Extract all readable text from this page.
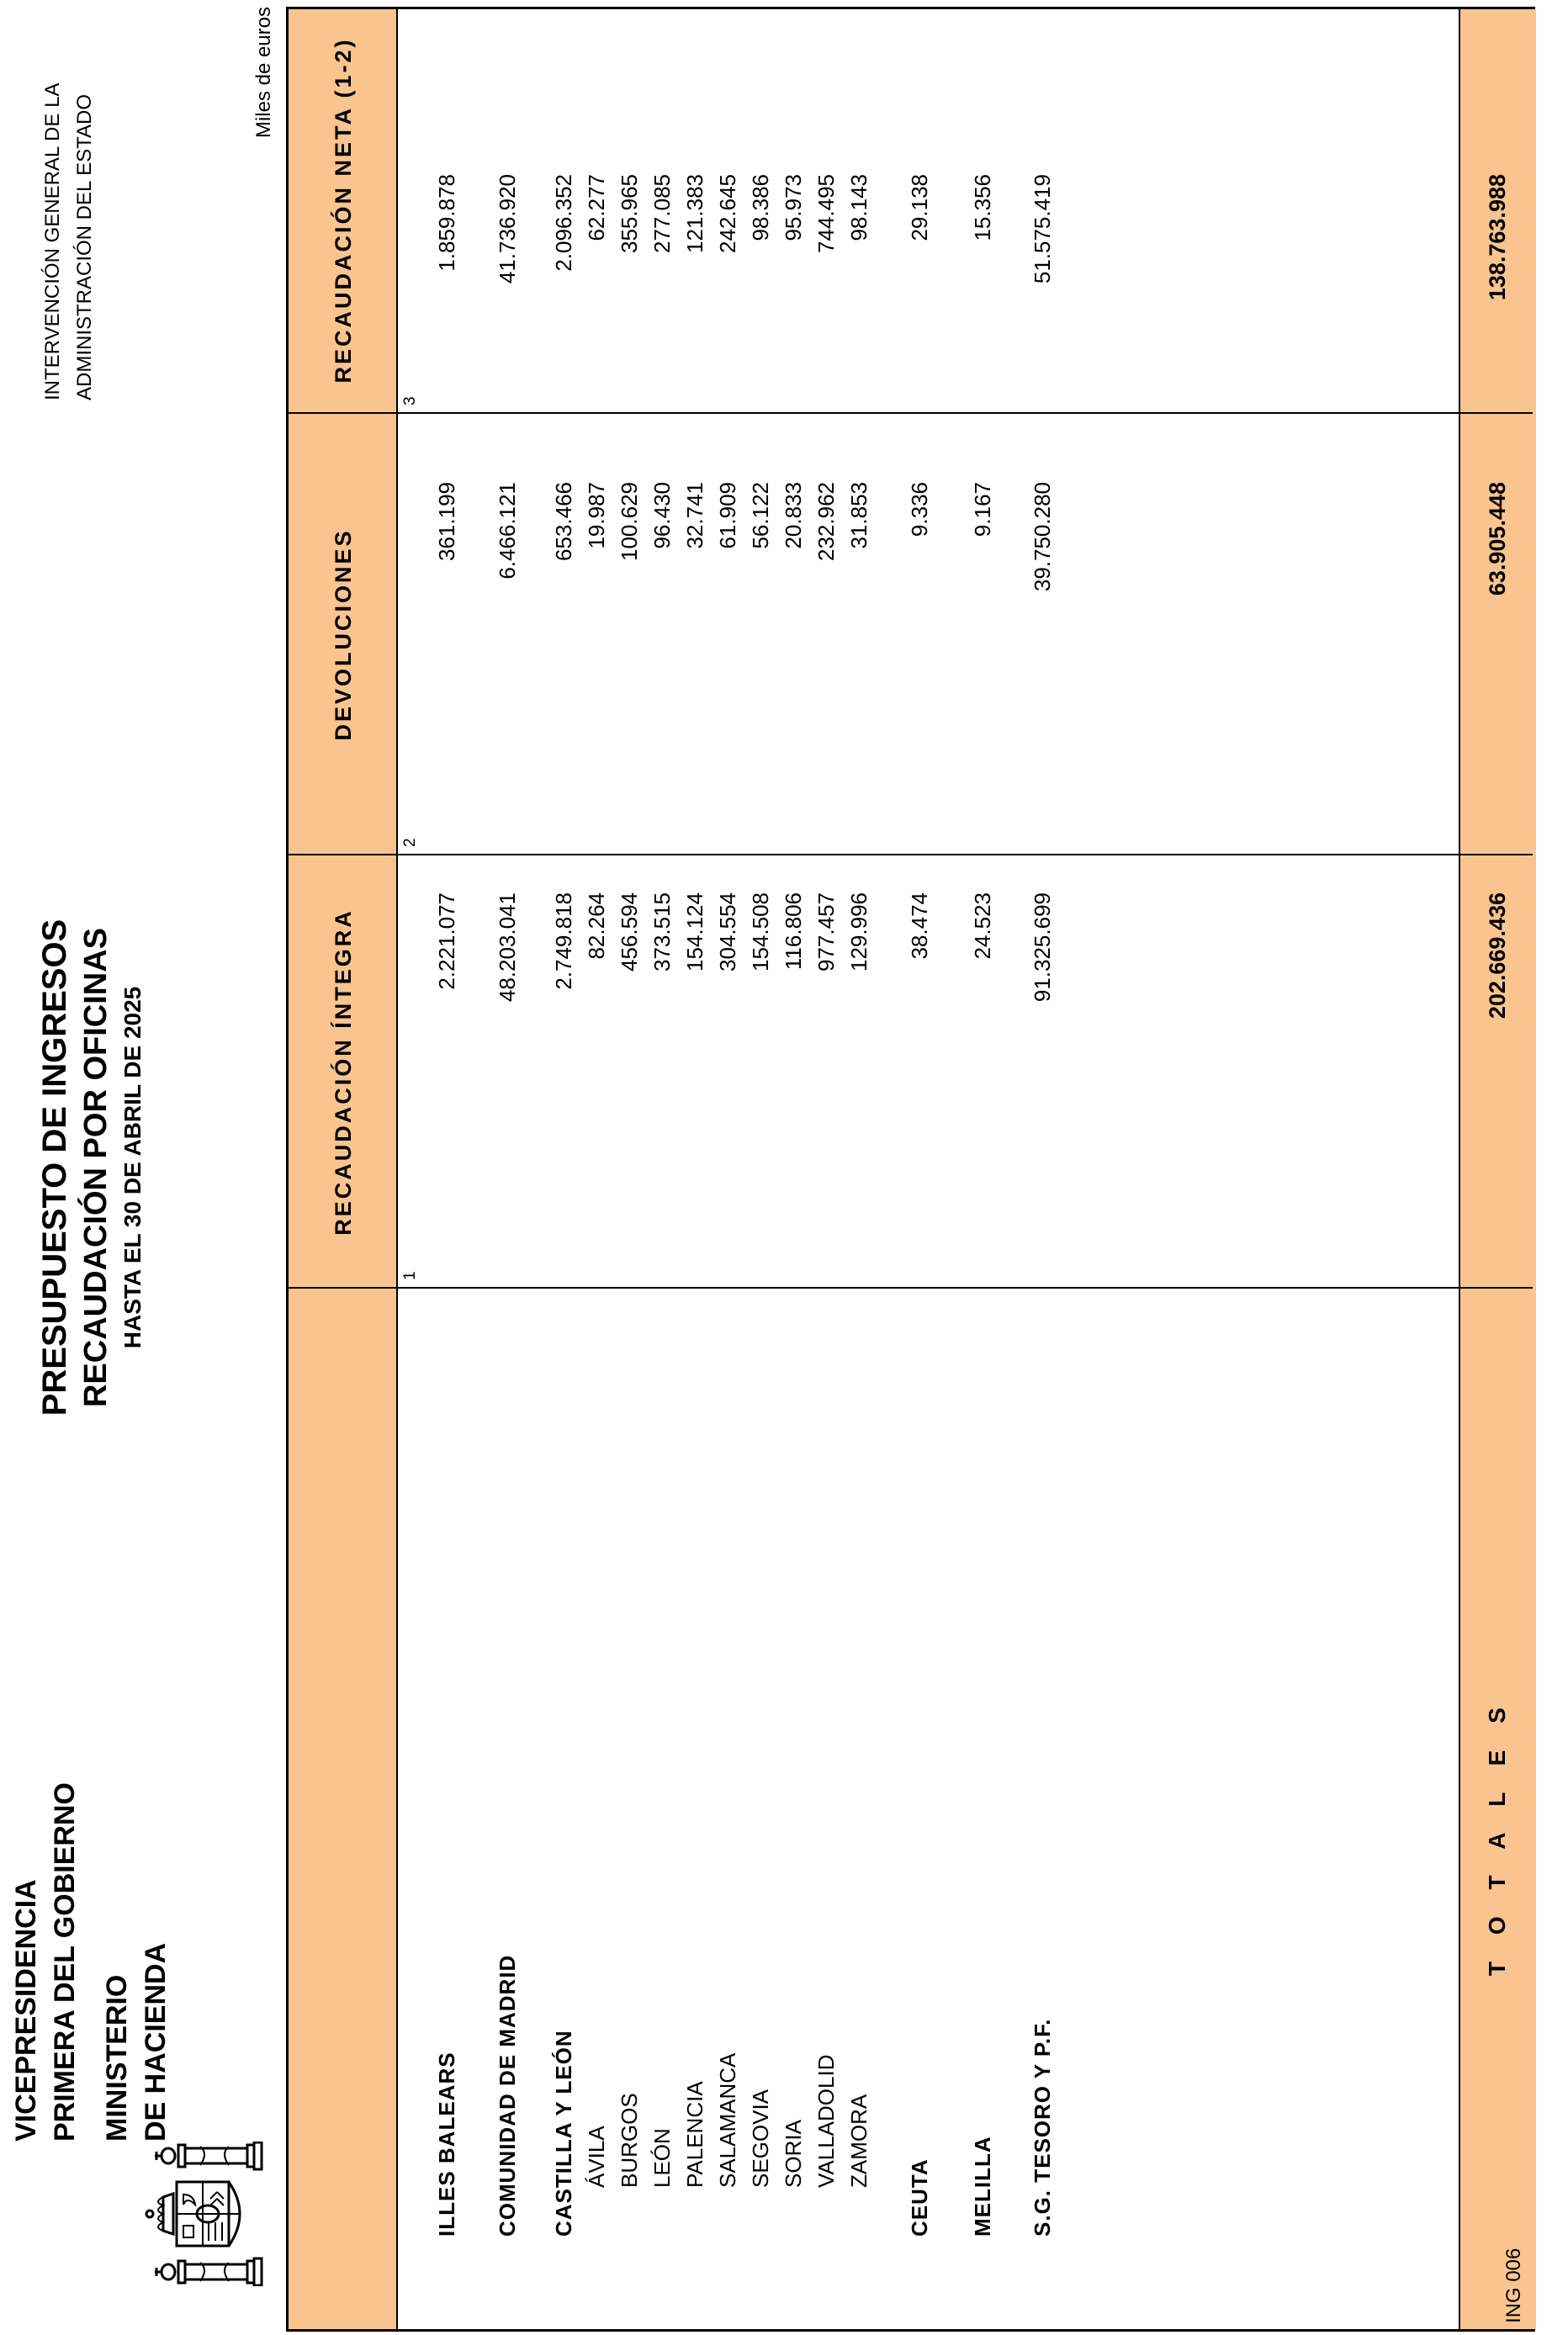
VICEPRESIDENCIA PRIMERA DEL GOBIERNO MINISTERIO DE HACIENDA
PRESUPUESTO DE INGRESOS RECAUDACIÓN POR OFICINAS HASTA EL 30 DE ABRIL DE 2025
INTERVENCIÓN GENERAL DE LA ADMINISTRACIÓN DEL ESTADO
Miles de euros
RECAUDACIÓN ÍNTEGRA
DEVOLUCIONES
RECAUDACIÓN NETA (1-2)
1
2
3
ILLES BALEARS
2.221.077
361.199
1.859.878
COMUNIDAD DE MADRID
48.203.041
6.466.121
41.736.920
CASTILLA Y LEÓN
2.749.818
653.466
2.096.352
ÁVILA
82.264
19.987
62.277
BURGOS
456.594
100.629
355.965
LEÓN
373.515
96.430
277.085
PALENCIA
154.124
32.741
121.383
SALAMANCA
304.554
61.909
242.645
SEGOVIA
154.508
56.122
98.386
SORIA
116.806
20.833
95.973
VALLADOLID
977.457
232.962
744.495
ZAMORA
129.996
31.853
98.143
CEUTA
38.474
9.336
29.138
MELILLA
24.523
9.167
15.356
S.G. TESORO Y P.F.
91.325.699
39.750.280
51.575.419
T O T A L E S
202.669.436
63.905.448
138.763.988
ING 006
